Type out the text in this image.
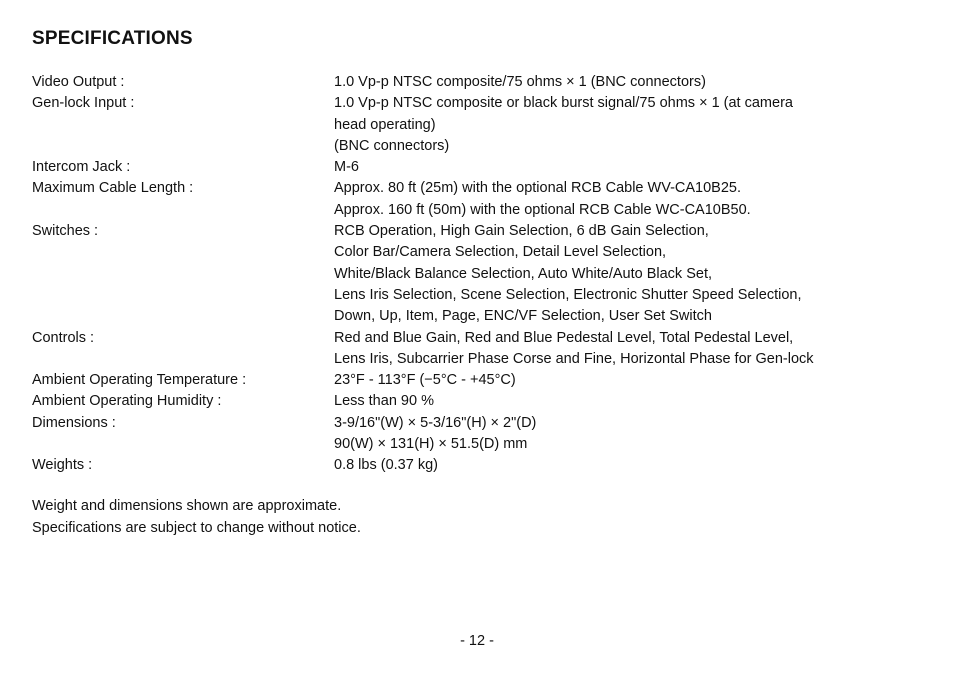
SPECIFICATIONS
Video Output :	1.0 Vp-p NTSC composite/75 ohms × 1 (BNC connectors)
Gen-lock Input :	1.0 Vp-p NTSC composite or black burst signal/75 ohms × 1 (at camera
head operating)
(BNC connectors)
Intercom Jack :	M-6
Maximum Cable Length :	Approx. 80 ft (25m) with the optional RCB Cable WV-CA10B25.
Approx. 160 ft (50m) with the optional RCB Cable WC-CA10B50.
Switches :	RCB Operation, High Gain Selection, 6 dB Gain Selection,
Color Bar/Camera Selection, Detail Level Selection,
White/Black Balance Selection, Auto White/Auto Black Set,
Lens Iris Selection, Scene Selection, Electronic Shutter Speed Selection,
Down, Up, Item, Page, ENC/VF Selection, User Set Switch
Controls :	Red and Blue Gain, Red and Blue Pedestal Level, Total Pedestal Level,
Lens Iris, Subcarrier Phase Corse and Fine, Horizontal Phase for Gen-lock
Ambient Operating Temperature :	23°F - 113°F (−5°C - +45°C)
Ambient Operating Humidity :	Less than 90 %
Dimensions :	3-9/16"(W) × 5-3/16"(H) × 2"(D)
90(W) × 131(H) × 51.5(D) mm
Weights :	0.8 lbs (0.37 kg)
Weight and dimensions shown are approximate.
Specifications are subject to change without notice.
- 12 -
